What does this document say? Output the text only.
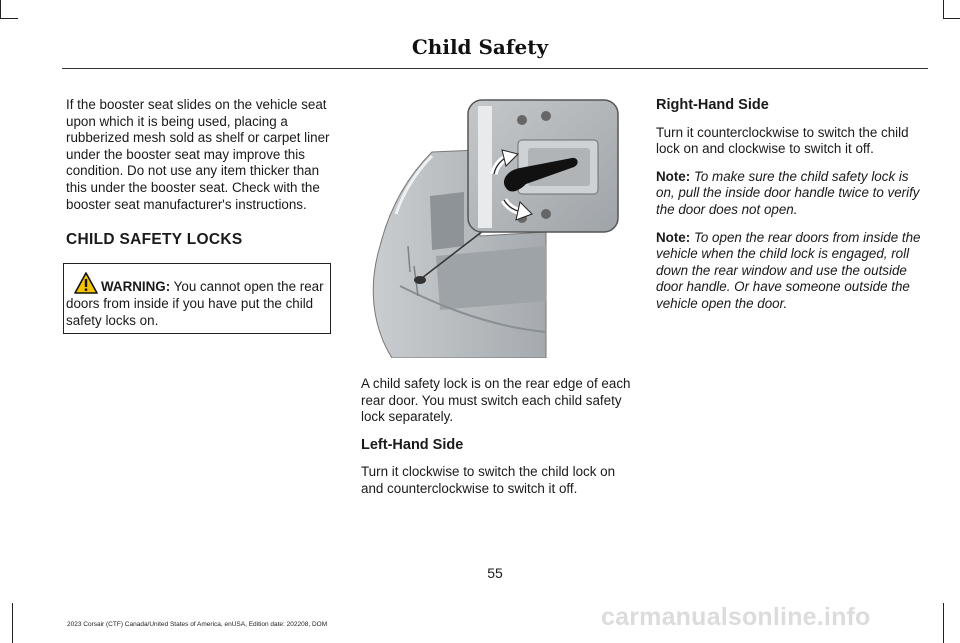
Child Safety

If the booster seat slides on the vehicle seat upon which it is being used, placing a rubberized mesh sold as shelf or carpet liner under the booster seat may improve this condition. Do not use any item thicker than this under the booster seat. Check with the booster seat manufacturer's instructions.

CHILD SAFETY LOCKS
WARNING: You cannot open the rear doors from inside if you have put the child safety locks on.

A child safety lock is on the rear edge of each rear door. You must switch each child safety lock separately.

Left-Hand Side

Turn it clockwise to switch the child lock on and counterclockwise to switch it off.

Right-Hand Side

Turn it counterclockwise to switch the child lock on and clockwise to switch it off.

Note: To make sure the child safety lock is on, pull the inside door handle twice to verify the door does not open.

Note: To open the rear doors from inside the vehicle when the child lock is engaged, roll down the rear window and use the outside door handle. Or have someone outside the vehicle open the door.

55
2023 Corsair (CTF) Canada/United States of America, enUSA, Edition date: 202208, DOM	carmanualsonline.info
